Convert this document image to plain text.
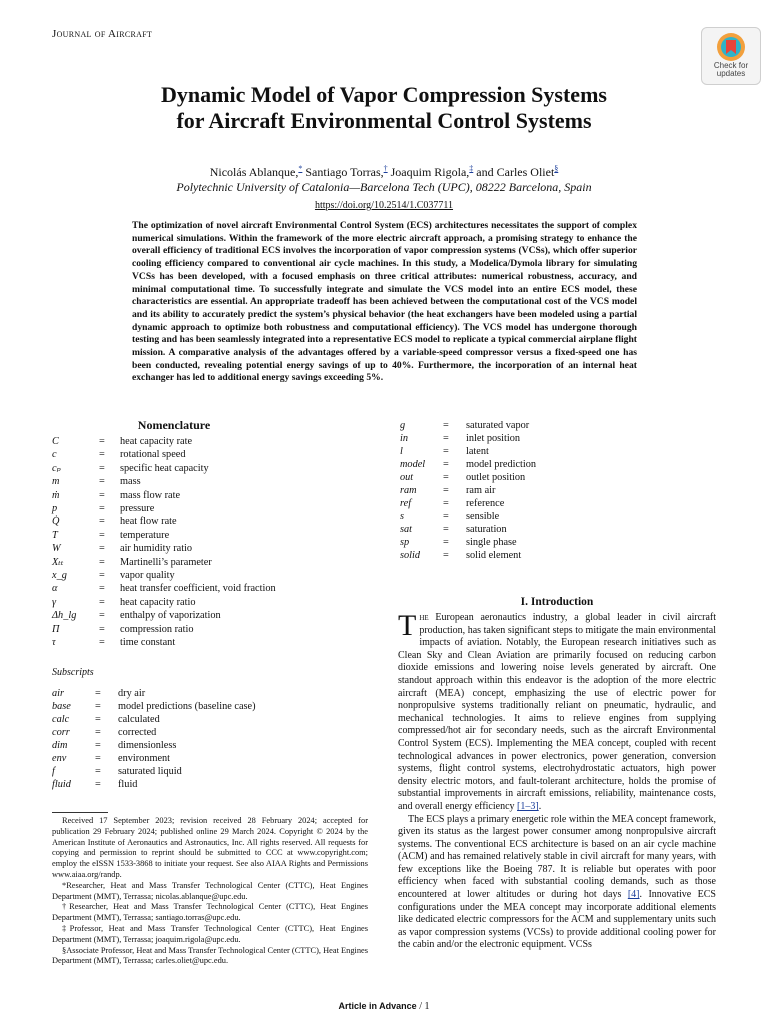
Journal of Aircraft
Check for
updates
Dynamic Model of Vapor Compression Systems
for Aircraft Environmental Control Systems
Nicolás Ablanque,* Santiago Torras,† Joaquim Rigola,‡ and Carles Oliet§
Polytechnic University of Catalonia—Barcelona Tech (UPC), 08222 Barcelona, Spain
https://doi.org/10.2514/1.C037711

The optimization of novel aircraft Environmental Control System (ECS) architectures necessitates the support of complex numerical simulations. Within the framework of the more electric aircraft approach, a promising strategy to enhance the overall efficiency of traditional ECS involves the incorporation of vapor compression systems (VCSs), which offer superior cooling efficiency compared to conventional air cycle machines. In this study, a Modelica/Dymola library for simulating VCSs has been developed, with a focused emphasis on three critical attributes: numerical robustness, accuracy, and minimal computational time. To successfully integrate and simulate the VCS model into an entire ECS model, these characteristics are essential. An appropriate tradeoff has been achieved between the computational cost of the VCS model and its ability to accurately predict the system’s physical behavior (the heat exchangers have been modeled using a partial dynamic approach to optimize both robustness and computational efficiency). The VCS model has undergone thorough testing and has been seamlessly integrated into a representative ECS model to replicate a typical commercial airplane flight mission. A comparative analysis of the advantages offered by a variable-speed compressor versus a fixed-speed one has been conducted, revealing potential energy savings of up to 40%. Furthermore, the incorporation of an internal heat exchanger has led to additional energy savings exceeding 5%.

Nomenclature
C	= heat capacity rate
c	= rotational speed
cₚ	= specific heat capacity
m	= mass
ṁ	= mass flow rate
p	= pressure
Q̇	= heat flow rate
T	= temperature
W	= air humidity ratio
Xₜₜ	= Martinelli’s parameter
x_g	= vapor quality
α	= heat transfer coefficient, void fraction
γ	= heat capacity ratio
Δh_lg = enthalpy of vaporization
Π	= compression ratio
τ	= time constant
Subscripts
air	= dry air
base = model predictions (baseline case)
calc	= calculated
corr = corrected
dim	= dimensionless
env	= environment
f	= saturated liquid
fluid = fluid
g	= saturated vapor
in	= inlet position
l	= latent
model = model prediction
out	= outlet position
ram	= ram air
ref	= reference
s	= sensible
sat	= saturation
sp	= single phase
solid = solid element

Received 17 September 2023; revision received 28 February 2024; accepted for publication 29 February 2024; published online 29 March 2024. Copyright © 2024 by the American Institute of Aeronautics and Astronautics, Inc. All rights reserved. All requests for copying and permission to reprint should be submitted to CCC at www.copyright.com; employ the eISSN 1533-3868 to initiate your request. See also AIAA Rights and Permissions www.aiaa.org/randp.

*Researcher, Heat and Mass Transfer Technological Center (CTTC), Heat Engines Department (MMT), Terrassa; nicolas.ablanque@upc.edu.

†Researcher, Heat and Mass Transfer Technological Center (CTTC), Heat Engines Department (MMT), Terrassa; santiago.torras@upc.edu.

‡Professor, Heat and Mass Transfer Technological Center (CTTC), Heat Engines Department (MMT), Terrassa; joaquim.rigola@upc.edu.

§Associate Professor, Heat and Mass Transfer Technological Center (CTTC), Heat Engines Department (MMT), Terrassa; carles.oliet@upc.edu.

I. Introduction

The European aeronautics industry, a global leader in civil aircraft production, has taken significant steps to mitigate the main environmental impacts of aviation. Notably, the European research initiatives such as Clean Sky and Clean Aviation are primarily focused on reducing carbon dioxide emissions and lowering noise levels generated by aircraft. One standout approach within this endeavor is the adoption of the more electric aircraft (MEA) concept, emphasizing the use of electric power for nonpropulsive systems traditionally reliant on pneumatic, hydraulic, and mechanical technologies. It aims to relieve engines from supplying compressed/hot air for secondary needs, such as the aircraft Environmental Control System (ECS). Implementing the MEA concept, coupled with recent technological advances in power electronics, power generation, conversion systems, flight control systems, electrohydrostatic actuators, high power density electric motors, and fault-tolerant architecture, holds the promise of substantial improvements in aircraft emissions, reliability, maintenance costs, and overall energy efficiency [1–3].

The ECS plays a primary energetic role within the MEA concept framework, given its status as the largest power consumer among nonpropulsive aircraft systems. The conventional ECS architecture is based on an air cycle machine (ACM) and has remained relatively stable in civil aircraft for many years, with few exceptions like the Boeing 787. It is reliable but operates with poor efficiency when faced with substantial cooling demands, such as those encountered at lower altitudes or during hot days [4]. Innovative ECS configurations under the MEA concept may incorporate additional elements like dedicated electric compressors for the ACM and supplementary units such as vapor compression systems (VCSs) to provide additional cooling power for the cabin and/or the electronic equipment. VCSs

Article in Advance / 1
